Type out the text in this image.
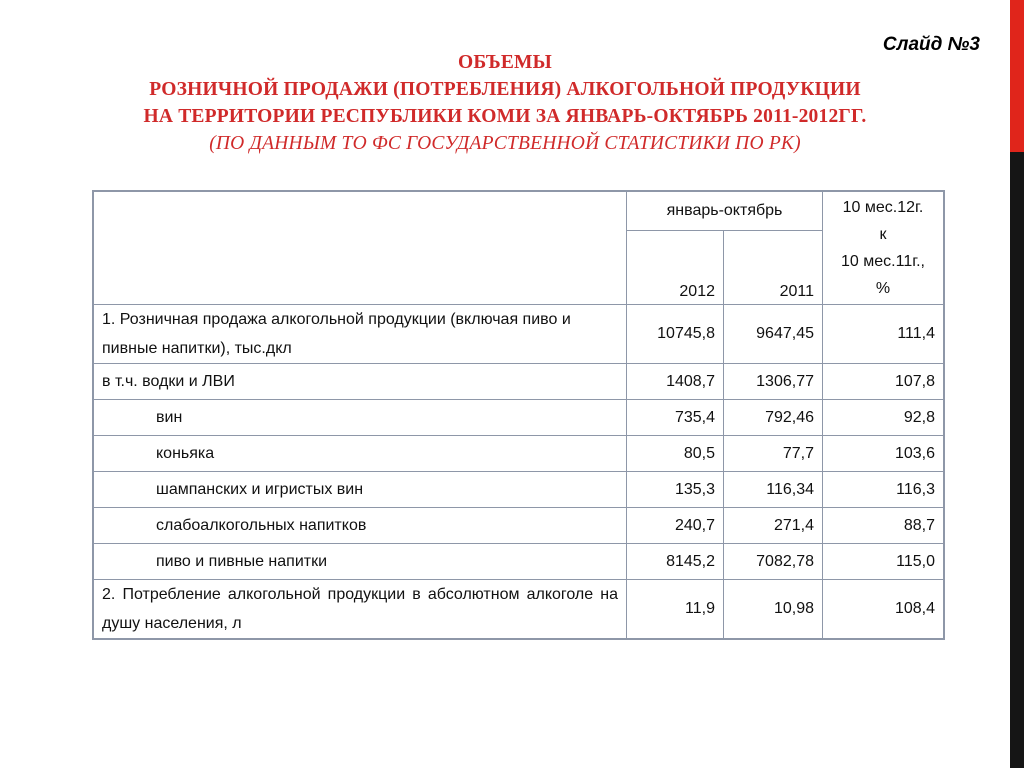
Слайд №3
ОБЪЕМЫ
РОЗНИЧНОЙ ПРОДАЖИ (ПОТРЕБЛЕНИЯ) АЛКОГОЛЬНОЙ ПРОДУКЦИИ
НА ТЕРРИТОРИИ РЕСПУБЛИКИ КОМИ ЗА ЯНВАРЬ-ОКТЯБРЬ 2011-2012ГГ.
(ПО ДАННЫМ ТО ФС ГОСУДАРСТВЕННОЙ СТАТИСТИКИ ПО РК)
	январь-октябрь		10 мес.12г.
к
10 мес.11г.,
%

	2012	2011	
1. Розничная продажа алкогольной продукции (включая пиво и пивные напитки), тыс.дкл	10745,8	9647,45	111,4
в т.ч. водки и ЛВИ	1408,7	1306,77	107,8
вин	735,4	792,46	92,8
коньяка	80,5	77,7	103,6
шампанских и игристых вин	135,3	116,34	116,3
слабоалкогольных напитков	240,7	271,4	88,7
пиво и пивные напитки	8145,2	7082,78	115,0
2. Потребление алкогольной продукции в абсолютном алкоголе на душу населения, л	11,9	10,98	108,4
